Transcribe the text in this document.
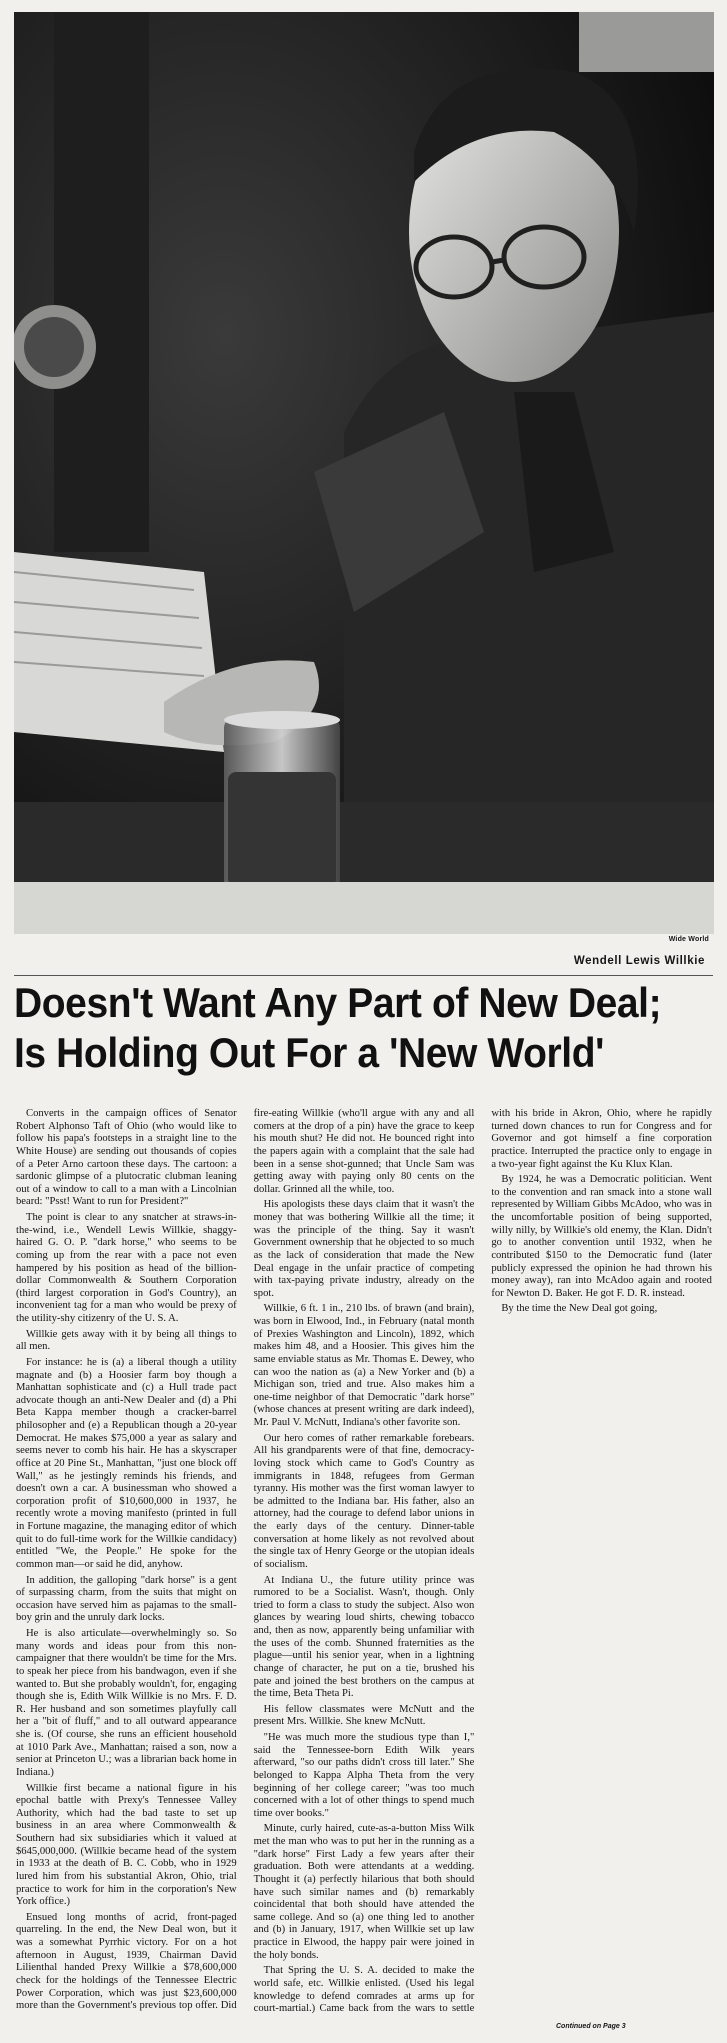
Wide World
Wendell Lewis Willkie
Doesn't Want Any Part of New Deal;
Is Holding Out For a 'New World'

Converts in the campaign offices of Senator Robert Alphonso Taft of Ohio (who would like to follow his papa's footsteps in a straight line to the White House) are sending out thousands of copies of a Peter Arno cartoon these days. The cartoon: a sardonic glimpse of a plutocratic clubman leaning out of a window to call to a man with a Lincolnian beard: "Psst! Want to run for President?"

The point is clear to any snatcher at straws-in-the-wind, i.e., Wendell Lewis Willkie, shaggy-haired G. O. P. "dark horse," who seems to be coming up from the rear with a pace not even hampered by his position as head of the billion-dollar Commonwealth & Southern Corporation (third largest corporation in God's Country), an inconvenient tag for a man who would be prexy of the utility-shy citizenry of the U. S. A.

Willkie gets away with it by being all things to all men.

For instance: he is (a) a liberal though a utility magnate and (b) a Hoosier farm boy though a Manhattan sophisticate and (c) a Hull trade pact advocate though an anti-New Dealer and (d) a Phi Beta Kappa member though a cracker-barrel philosopher and (e) a Republican though a 20-year Democrat. He makes $75,000 a year as salary and seems never to comb his hair. He has a skyscraper office at 20 Pine St., Manhattan, "just one block off Wall," as he jestingly reminds his friends, and doesn't own a car. A businessman who showed a corporation profit of $10,600,000 in 1937, he recently wrote a moving manifesto (printed in full in Fortune magazine, the managing editor of which quit to do full-time work for the Willkie candidacy) entitled "We, the People." He spoke for the common man—or said he did, anyhow.

In addition, the galloping "dark horse" is a gent of surpassing charm, from the suits that might on occasion have served him as pajamas to the small-boy grin and the unruly dark locks.

He is also articulate—overwhelmingly so. So many words and ideas pour from this non-campaigner that there wouldn't be time for the Mrs. to speak her piece from his bandwagon, even if she wanted to. But she probably wouldn't, for, engaging though she is, Edith Wilk Willkie is no Mrs. F. D. R. Her husband and son sometimes playfully call her a "bit of fluff," and to all outward appearance she is. (Of course, she runs an efficient household at 1010 Park Ave., Manhattan; raised a son, now a senior at Princeton U.; was a librarian back home in Indiana.)

Willkie first became a national figure in his epochal battle with Prexy's Tennessee Valley Authority, which had the bad taste to set up business in an area where Commonwealth & Southern had six subsidiaries which it valued at $645,000,000. (Willkie became head of the system in 1933 at the death of B. C. Cobb, who in 1929 lured him from his substantial Akron, Ohio, trial practice to work for him in the corporation's New York office.)

Ensued long months of acrid, front-paged quarreling. In the end, the New Deal won, but it was a somewhat Pyrrhic victory. For on a hot afternoon in August, 1939, Chairman David Lilienthal handed Prexy Willkie a $78,600,000 check for the holdings of the Tennessee Electric Power Corporation, which was just $23,600,000 more than the Government's previous top offer. Did fire-eating Willkie (who'll argue with any and all comers at the drop of a pin) have the grace to keep his mouth shut? He did not. He bounced right into the papers again with a complaint that the sale had been in a sense shot-gunned; that Uncle Sam was getting away with paying only 80 cents on the dollar. Grinned all the while, too.

His apologists these days claim that it wasn't the money that was bothering Willkie all the time; it was the principle of the thing. Say it wasn't Government ownership that he objected to so much as the lack of consideration that made the New Deal engage in the unfair practice of competing with tax-paying private industry, already on the spot.

Willkie, 6 ft. 1 in., 210 lbs. of brawn (and brain), was born in Elwood, Ind., in February (natal month of Prexies Washington and Lincoln), 1892, which makes him 48, and a Hoosier. This gives him the same enviable status as Mr. Thomas E. Dewey, who can woo the nation as (a) a New Yorker and (b) a Michigan son, tried and true. Also makes him a one-time neighbor of that Democratic "dark horse" (whose chances at present writing are dark indeed), Mr. Paul V. McNutt, Indiana's other favorite son.

Our hero comes of rather remarkable forebears. All his grandparents were of that fine, democracy-loving stock which came to God's Country as immigrants in 1848, refugees from German tyranny. His mother was the first woman lawyer to be admitted to the Indiana bar. His father, also an attorney, had the courage to defend labor unions in the early days of the century. Dinner-table conversation at home likely as not revolved about the single tax of Henry George or the utopian ideals of socialism.

At Indiana U., the future utility prince was rumored to be a Socialist. Wasn't, though. Only tried to form a class to study the subject. Also won glances by wearing loud shirts, chewing tobacco and, then as now, apparently being unfamiliar with the uses of the comb. Shunned fraternities as the plague—until his senior year, when in a lightning change of character, he put on a tie, brushed his pate and joined the best brothers on the campus at the time, Beta Theta Pi.

His fellow classmates were McNutt and the present Mrs. Willkie. She knew McNutt.

"He was much more the studious type than I," said the Tennessee-born Edith Wilk years afterward, "so our paths didn't cross till later." She belonged to Kappa Alpha Theta from the very beginning of her college career; "was too much concerned with a lot of other things to spend much time over books."

Minute, curly haired, cute-as-a-button Miss Wilk met the man who was to put her in the running as a "dark horse" First Lady a few years after their graduation. Both were attendants at a wedding. Thought it (a) perfectly hilarious that both should have such similar names and (b) remarkably coincidental that both should have attended the same college. And so (a) one thing led to another and (b) in January, 1917, when Willkie set up law practice in Elwood, the happy pair were joined in the holy bonds.

That Spring the U. S. A. decided to make the world safe, etc. Willkie enlisted. (Used his legal knowledge to defend comrades at arms up for court-martial.) Came back from the wars to settle with his bride in Akron, Ohio, where he rapidly turned down chances to run for Congress and for Governor and got himself a fine corporation practice. Interrupted the practice only to engage in a two-year fight against the Ku Klux Klan.

By 1924, he was a Democratic politician. Went to the convention and ran smack into a stone wall represented by William Gibbs McAdoo, who was in the uncomfortable position of being supported, willy nilly, by Willkie's old enemy, the Klan. Didn't go to another convention until 1932, when he contributed $150 to the Democratic fund (later publicly expressed the opinion he had thrown his money away), ran into McAdoo again and rooted for Newton D. Baker. He got F. D. R. instead.

By the time the New Deal got going,

Continued on Page 3
